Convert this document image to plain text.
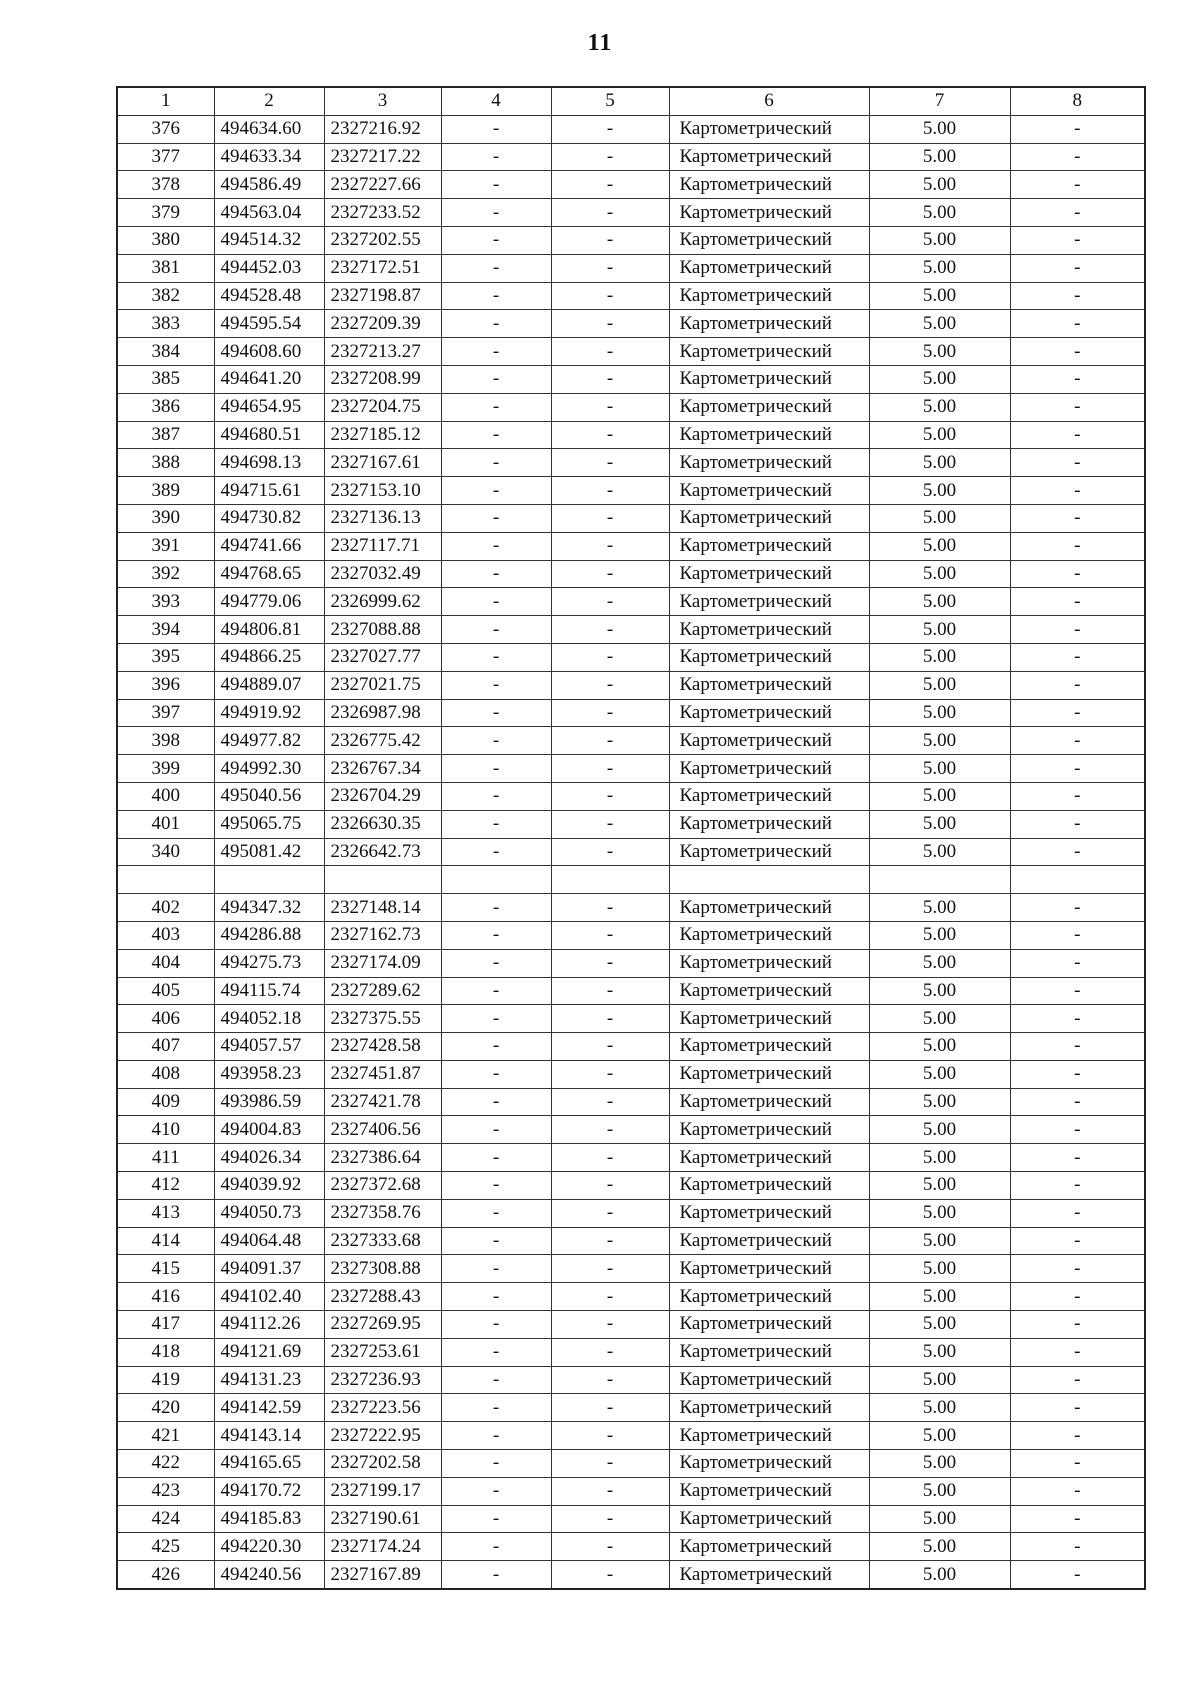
11
1	2	3	4	5	6	7	8
376	494634.60	2327216.92	-	-	Картометрический	5.00	-
377	494633.34	2327217.22	-	-	Картометрический	5.00	-
378	494586.49	2327227.66	-	-	Картометрический	5.00	-
379	494563.04	2327233.52	-	-	Картометрический	5.00	-
380	494514.32	2327202.55	-	-	Картометрический	5.00	-
381	494452.03	2327172.51	-	-	Картометрический	5.00	-
382	494528.48	2327198.87	-	-	Картометрический	5.00	-
383	494595.54	2327209.39	-	-	Картометрический	5.00	-
384	494608.60	2327213.27	-	-	Картометрический	5.00	-
385	494641.20	2327208.99	-	-	Картометрический	5.00	-
386	494654.95	2327204.75	-	-	Картометрический	5.00	-
387	494680.51	2327185.12	-	-	Картометрический	5.00	-
388	494698.13	2327167.61	-	-	Картометрический	5.00	-
389	494715.61	2327153.10	-	-	Картометрический	5.00	-
390	494730.82	2327136.13	-	-	Картометрический	5.00	-
391	494741.66	2327117.71	-	-	Картометрический	5.00	-
392	494768.65	2327032.49	-	-	Картометрический	5.00	-
393	494779.06	2326999.62	-	-	Картометрический	5.00	-
394	494806.81	2327088.88	-	-	Картометрический	5.00	-
395	494866.25	2327027.77	-	-	Картометрический	5.00	-
396	494889.07	2327021.75	-	-	Картометрический	5.00	-
397	494919.92	2326987.98	-	-	Картометрический	5.00	-
398	494977.82	2326775.42	-	-	Картометрический	5.00	-
399	494992.30	2326767.34	-	-	Картометрический	5.00	-
400	495040.56	2326704.29	-	-	Картометрический	5.00	-
401	495065.75	2326630.35	-	-	Картометрический	5.00	-
340	495081.42	2326642.73	-	-	Картометрический	5.00	-

402	494347.32	2327148.14	-	-	Картометрический	5.00	-
403	494286.88	2327162.73	-	-	Картометрический	5.00	-
404	494275.73	2327174.09	-	-	Картометрический	5.00	-
405	494115.74	2327289.62	-	-	Картометрический	5.00	-
406	494052.18	2327375.55	-	-	Картометрический	5.00	-
407	494057.57	2327428.58	-	-	Картометрический	5.00	-
408	493958.23	2327451.87	-	-	Картометрический	5.00	-
409	493986.59	2327421.78	-	-	Картометрический	5.00	-
410	494004.83	2327406.56	-	-	Картометрический	5.00	-
411	494026.34	2327386.64	-	-	Картометрический	5.00	-
412	494039.92	2327372.68	-	-	Картометрический	5.00	-
413	494050.73	2327358.76	-	-	Картометрический	5.00	-
414	494064.48	2327333.68	-	-	Картометрический	5.00	-
415	494091.37	2327308.88	-	-	Картометрический	5.00	-
416	494102.40	2327288.43	-	-	Картометрический	5.00	-
417	494112.26	2327269.95	-	-	Картометрический	5.00	-
418	494121.69	2327253.61	-	-	Картометрический	5.00	-
419	494131.23	2327236.93	-	-	Картометрический	5.00	-
420	494142.59	2327223.56	-	-	Картометрический	5.00	-
421	494143.14	2327222.95	-	-	Картометрический	5.00	-
422	494165.65	2327202.58	-	-	Картометрический	5.00	-
423	494170.72	2327199.17	-	-	Картометрический	5.00	-
424	494185.83	2327190.61	-	-	Картометрический	5.00	-
425	494220.30	2327174.24	-	-	Картометрический	5.00	-
426	494240.56	2327167.89	-	-	Картометрический	5.00	-
